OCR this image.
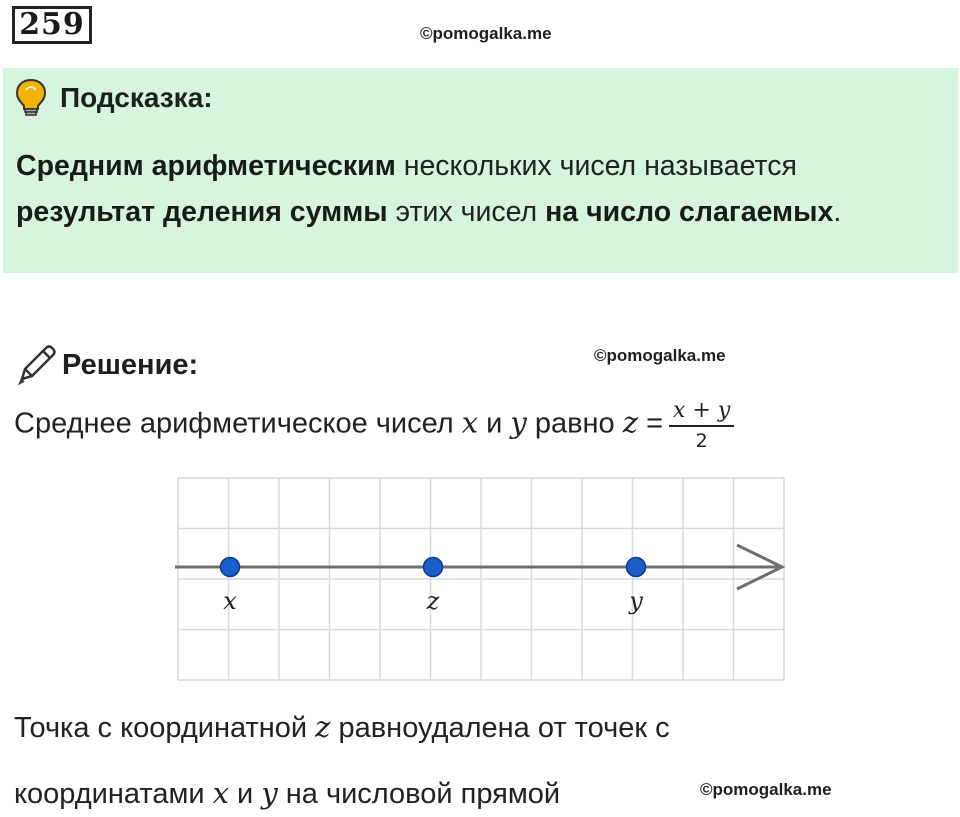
259	©pomogalka.me
Подсказка:
Средним арифметическим нескольких чисел называется
результат деления суммы этих чисел на число слагаемых.
Решение:	©pomogalka.me
Среднее арифметическое чисел x и y равно $z = \frac{x + y}{2}$
x	z	y
Точка с координатной z равноудалена от точек с
координатами x и y на числовой прямой	©pomogalka.me
